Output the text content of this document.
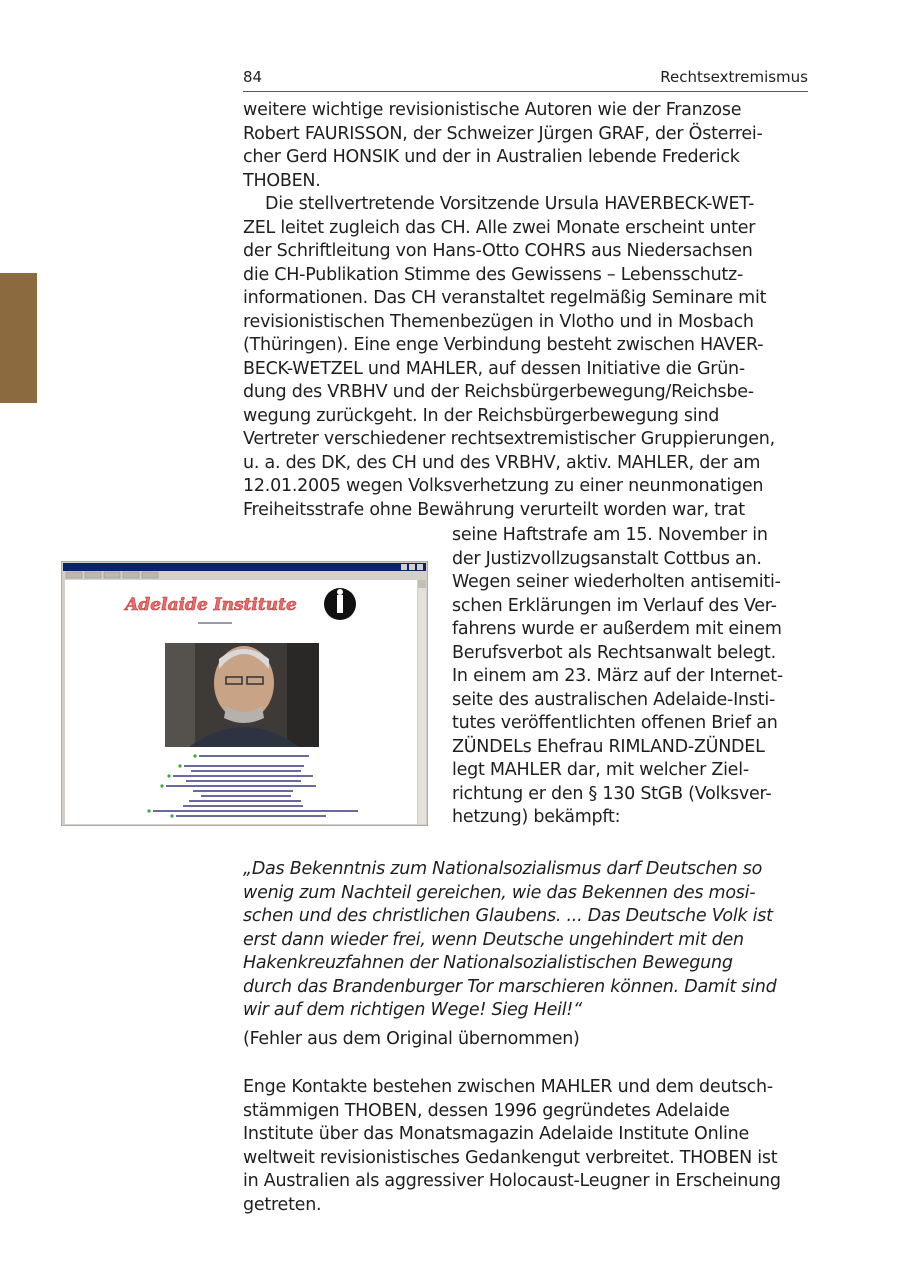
84	Rechtsextremismus

weitere wichtige revisionistische Autoren wie der Franzose
Robert FAURISSON, der Schweizer Jürgen GRAF, der Österrei-
cher Gerd HONSIK und der in Australien lebende Frederick
THOBEN.

Die stellvertretende Vorsitzende Ursula HAVERBECK-WET-
ZEL leitet zugleich das CH. Alle zwei Monate erscheint unter
der Schriftleitung von Hans-Otto COHRS aus Niedersachsen
die CH-Publikation Stimme des Gewissens – Lebensschutz-
informationen. Das CH veranstaltet regelmäßig Seminare mit
revisionistischen Themenbezügen in Vlotho und in Mosbach
(Thüringen). Eine enge Verbindung besteht zwischen HAVER-
BECK-WETZEL und MAHLER, auf dessen Initiative die Grün-
dung des VRBHV und der Reichsbürgerbewegung/Reichsbe-
wegung zurückgeht. In der Reichsbürgerbewegung sind
Vertreter verschiedener rechtsextremistischer Gruppierungen,
u. a. des DK, des CH und des VRBHV, aktiv. MAHLER, der am
12.01.2005 wegen Volksverhetzung zu einer neunmonatigen
Freiheitsstrafe ohne Bewährung verurteilt worden war, trat

seine Haftstrafe am 15. November in
der Justizvollzugsanstalt Cottbus an.
Wegen seiner wiederholten antisemiti-
schen Erklärungen im Verlauf des Ver-
fahrens wurde er außerdem mit einem
Berufsverbot als Rechtsanwalt belegt.
In einem am 23. März auf der Internet-
seite des australischen Adelaide-Insti-
tutes veröffentlichten offenen Brief an
ZÜNDELs Ehefrau RIMLAND-ZÜNDEL
legt MAHLER dar, mit welcher Ziel-
richtung er den § 130 StGB (Volksver-
hetzung) bekämpft:

Adelaide Institute

„Das Bekenntnis zum Nationalsozialismus darf Deutschen so
wenig zum Nachteil gereichen, wie das Bekennen des mosi-
schen und des christlichen Glaubens. ... Das Deutsche Volk ist
erst dann wieder frei, wenn Deutsche ungehindert mit den
Hakenkreuzfahnen der Nationalsozialistischen Bewegung
durch das Brandenburger Tor marschieren können. Damit sind
wir auf dem richtigen Wege! Sieg Heil!“

(Fehler aus dem Original übernommen)

Enge Kontakte bestehen zwischen MAHLER und dem deutsch-
stämmigen THOBEN, dessen 1996 gegründetes Adelaide
Institute über das Monatsmagazin Adelaide Institute Online
weltweit revisionistisches Gedankengut verbreitet. THOBEN ist
in Australien als aggressiver Holocaust-Leugner in Erscheinung
getreten.
